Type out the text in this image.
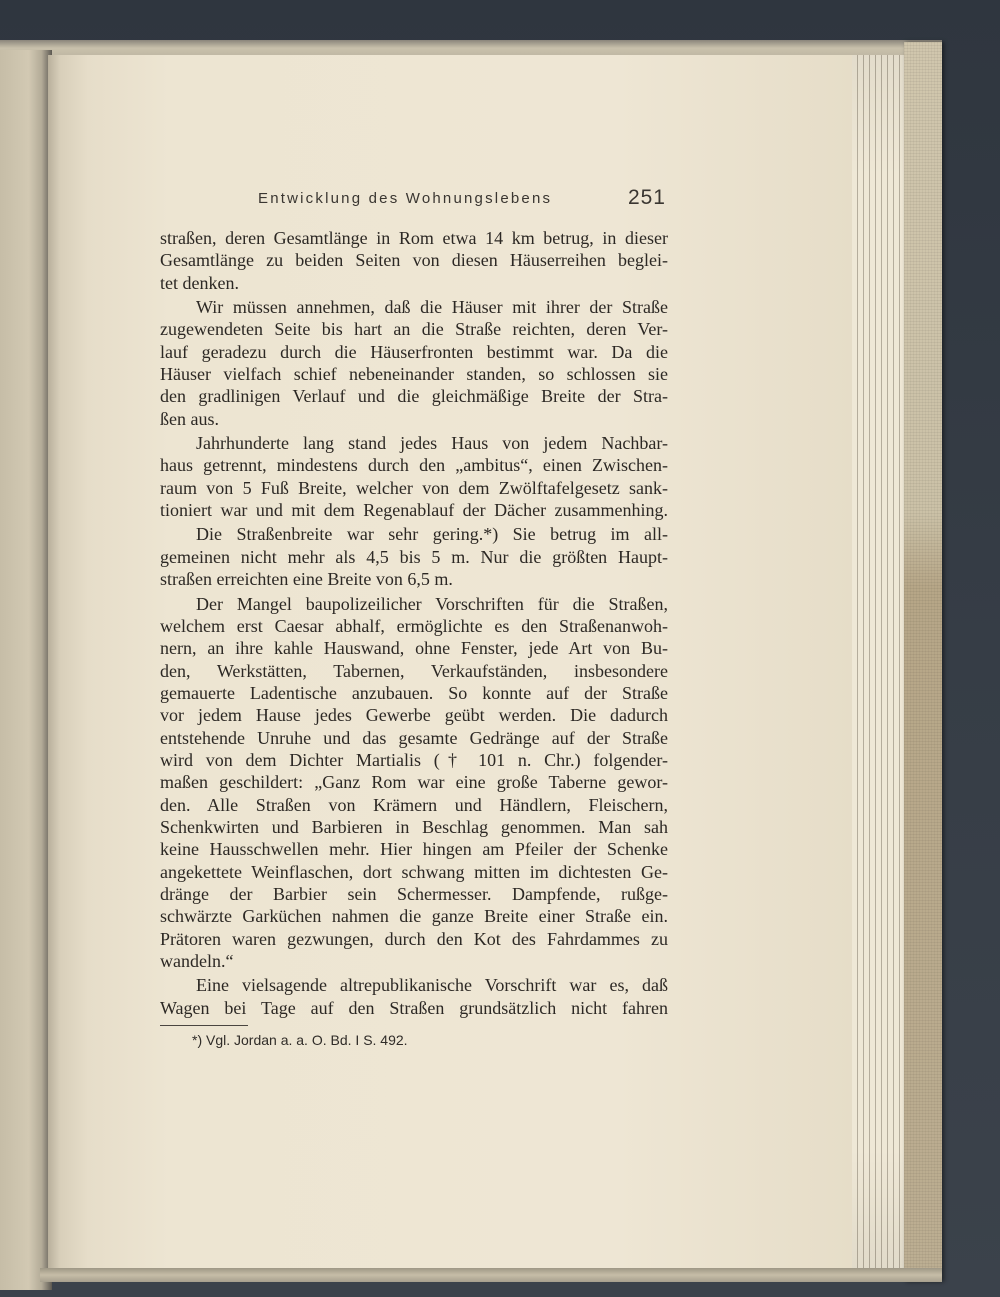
Entwicklung des Wohnungslebens	251
straßen, deren Gesamtlänge in Rom etwa 14 km betrug, in dieser
Gesamtlänge zu beiden Seiten von diesen Häuserreihen beglei-
tet denken.
Wir müssen annehmen, daß die Häuser mit ihrer der Straße
zugewendeten Seite bis hart an die Straße reichten, deren Ver-
lauf geradezu durch die Häuserfronten bestimmt war. Da die
Häuser vielfach schief nebeneinander standen, so schlossen sie
den gradlinigen Verlauf und die gleichmäßige Breite der Stra-
ßen aus.
Jahrhunderte lang stand jedes Haus von jedem Nachbar-
haus getrennt, mindestens durch den „ambitus“, einen Zwischen-
raum von 5 Fuß Breite, welcher von dem Zwölftafelgesetz sank-
tioniert war und mit dem Regenablauf der Dächer zusammenhing.
Die Straßenbreite war sehr gering.*) Sie betrug im all-
gemeinen nicht mehr als 4,5 bis 5 m. Nur die größten Haupt-
straßen erreichten eine Breite von 6,5 m.
Der Mangel baupolizeilicher Vorschriften für die Straßen,
welchem erst Caesar abhalf, ermöglichte es den Straßenanwoh-
nern, an ihre kahle Hauswand, ohne Fenster, jede Art von Bu-
den, Werkstätten, Tabernen, Verkaufständen, insbesondere
gemauerte Ladentische anzubauen. So konnte auf der Straße
vor jedem Hause jedes Gewerbe geübt werden. Die dadurch
entstehende Unruhe und das gesamte Gedränge auf der Straße
wird von dem Dichter Martialis († 101 n. Chr.) folgender-
maßen geschildert: „Ganz Rom war eine große Taberne gewor-
den. Alle Straßen von Krämern und Händlern, Fleischern,
Schenkwirten und Barbieren in Beschlag genommen. Man sah
keine Hausschwellen mehr. Hier hingen am Pfeiler der Schenke
angekettete Weinflaschen, dort schwang mitten im dichtesten Ge-
dränge der Barbier sein Schermesser. Dampfende, rußge-
schwärzte Garküchen nahmen die ganze Breite einer Straße ein.
Prätoren waren gezwungen, durch den Kot des Fahrdammes zu
wandeln.“
Eine vielsagende altrepublikanische Vorschrift war es, daß
Wagen bei Tage auf den Straßen grundsätzlich nicht fahren
*) Vgl. Jordan a. a. O. Bd. I S. 492.
